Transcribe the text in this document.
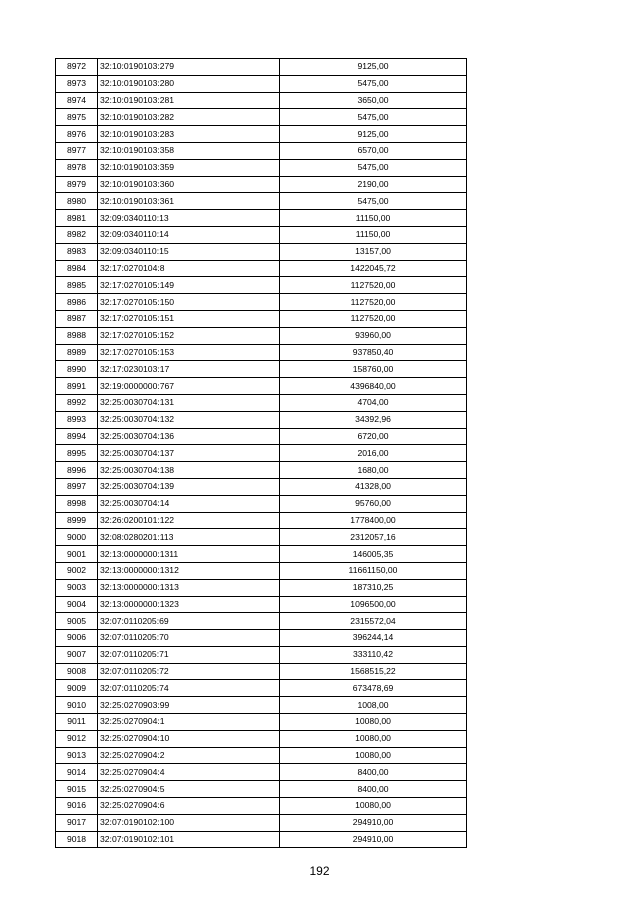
8972	32:10:0190103:279	9125,00
8973	32:10:0190103:280	5475,00
8974	32:10:0190103:281	3650,00
8975	32:10:0190103:282	5475,00
8976	32:10:0190103:283	9125,00
8977	32:10:0190103:358	6570,00
8978	32:10:0190103:359	5475,00
8979	32:10:0190103:360	2190,00
8980	32:10:0190103:361	5475,00
8981	32:09:0340110:13	11150,00
8982	32:09:0340110:14	11150,00
8983	32:09:0340110:15	13157,00
8984	32:17:0270104:8	1422045,72
8985	32:17:0270105:149	1127520,00
8986	32:17:0270105:150	1127520,00
8987	32:17:0270105:151	1127520,00
8988	32:17:0270105:152	93960,00
8989	32:17:0270105:153	937850,40
8990	32:17:0230103:17	158760,00
8991	32:19:0000000:767	4396840,00
8992	32:25:0030704:131	4704,00
8993	32:25:0030704:132	34392,96
8994	32:25:0030704:136	6720,00
8995	32:25:0030704:137	2016,00
8996	32:25:0030704:138	1680,00
8997	32:25:0030704:139	41328,00
8998	32:25:0030704:14	95760,00
8999	32:26:0200101:122	1778400,00
9000	32:08:0280201:113	2312057,16
9001	32:13:0000000:1311	146005,35
9002	32:13:0000000:1312	11661150,00
9003	32:13:0000000:1313	187310,25
9004	32:13:0000000:1323	1096500,00
9005	32:07:0110205:69	2315572,04
9006	32:07:0110205:70	396244,14
9007	32:07:0110205:71	333110,42
9008	32:07:0110205:72	1568515,22
9009	32:07:0110205:74	673478,69
9010	32:25:0270903:99	1008,00
9011	32:25:0270904:1	10080,00
9012	32:25:0270904:10	10080,00
9013	32:25:0270904:2	10080,00
9014	32:25:0270904:4	8400,00
9015	32:25:0270904:5	8400,00
9016	32:25:0270904:6	10080,00
9017	32:07:0190102:100	294910,00
9018	32:07:0190102:101	294910,00
192
